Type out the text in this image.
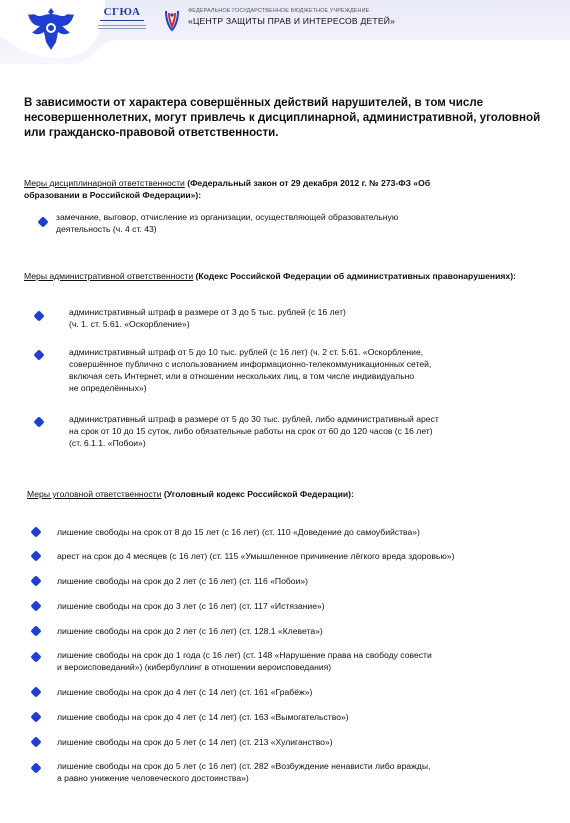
СГЮА	ФЕДЕРАЛЬНОЕ ГОСУДАРСТВЕННОЕ БЮДЖЕТНОЕ УЧРЕЖДЕНИЕ
«ЦЕНТР ЗАЩИТЫ ПРАВ И ИНТЕРЕСОВ ДЕТЕЙ»

В зависимости от характера совершённых действий нарушителей, в том числе несовершеннолетних, могут привлечь к дисциплинарной, административной, уголовной или гражданско-правовой ответственности.

Меры дисциплинарной ответственности (Федеральный закон от 29 декабря 2012 г. № 273-ФЗ «Об образовании в Российской Федерации»):

замечание, выговор, отчисление из организации, осуществляющей образовательную
деятельность (ч. 4 ст. 43)

Меры административной ответственности (Кодекс Российской Федерации об административных правонарушениях):

административный штраф в размере от 3 до 5 тыс. рублей (с 16 лет)
(ч. 1. ст. 5.61. «Оскорбление»)

административный штраф от 5 до 10 тыс. рублей (с 16 лет) (ч. 2 ст. 5.61. «Оскорбление,
совершённое публично с использованием информационно-телекоммуникационных сетей,
включая сеть Интернет, или в отношении нескольких лиц, в том числе индивидуально
не определённых»)

административный штраф в размере от 5 до 30 тыс. рублей, либо административный арест
на срок от 10 до 15 суток, либо обязательные работы на срок от 60 до 120 часов (с 16 лет)
(ст. 6.1.1. «Побои»)

Меры уголовной ответственности (Уголовный кодекс Российской Федерации):

лишение свободы на срок от 8 до 15 лет (с 16 лет) (ст. 110 «Доведение до самоубийства»)

арест на срок до 4 месяцев (с 16 лет) (ст. 115 «Умышленное причинение лёгкого вреда здоровью»)

лишение свободы на срок до 2 лет (с 16 лет) (ст. 116 «Побои»)

лишение свободы на срок до 3 лет (с 16 лет) (ст. 117 «Истязание»)

лишение свободы на срок до 2 лет (с 16 лет) (ст. 128.1 «Клевета»)

лишение свободы на срок до 1 года (с 16 лет) (ст. 148 «Нарушение права на свободу совести
и вероисповеданий») (кибербуллинг в отношении вероисповедания)

лишение свободы на срок до 4 лет (с 14 лет) (ст. 161 «Грабёж»)

лишение свободы на срок до 4 лет (с 14 лет) (ст. 163 «Вымогательство»)

лишение свободы на срок до 5 лет (с 14 лет) (ст. 213 «Хулиганство»)

лишение свободы на срок до 5 лет (с 16 лет) (ст. 282 «Возбуждение ненависти либо вражды,
а равно унижение человеческого достоинства»)
